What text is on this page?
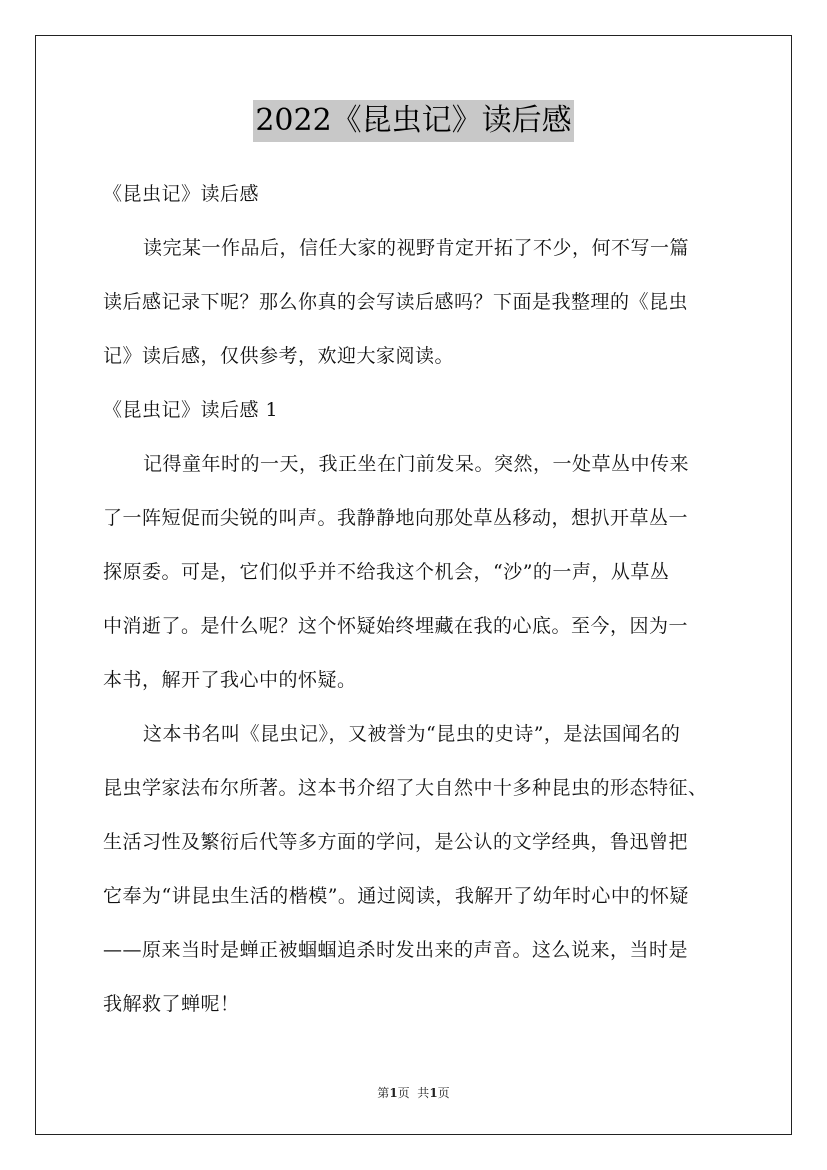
2022《昆虫记》读后感
《昆虫记》读后感
读完某一作品后，信任大家的视野肯定开拓了不少，何不写一篇
读后感记录下呢？那么你真的会写读后感吗？下面是我整理的《昆虫
记》读后感，仅供参考，欢迎大家阅读。
《昆虫记》读后感 1
记得童年时的一天，我正坐在门前发呆。突然，一处草丛中传来
了一阵短促而尖锐的叫声。我静静地向那处草丛移动，想扒开草丛一
探原委。可是，它们似乎并不给我这个机会，“沙”的一声，从草丛
中消逝了。是什么呢？这个怀疑始终埋藏在我的心底。至今，因为一
本书，解开了我心中的怀疑。
这本书名叫《昆虫记》，又被誉为“昆虫的史诗”，是法国闻名的
昆虫学家法布尔所著。这本书介绍了大自然中十多种昆虫的形态特征、
生活习性及繁衍后代等多方面的学问，是公认的文学经典，鲁迅曾把
它奉为“讲昆虫生活的楷模”。通过阅读，我解开了幼年时心中的怀疑
——原来当时是蝉正被蝈蝈追杀时发出来的声音。这么说来，当时是
我解救了蝉呢！
第1页  共1页
